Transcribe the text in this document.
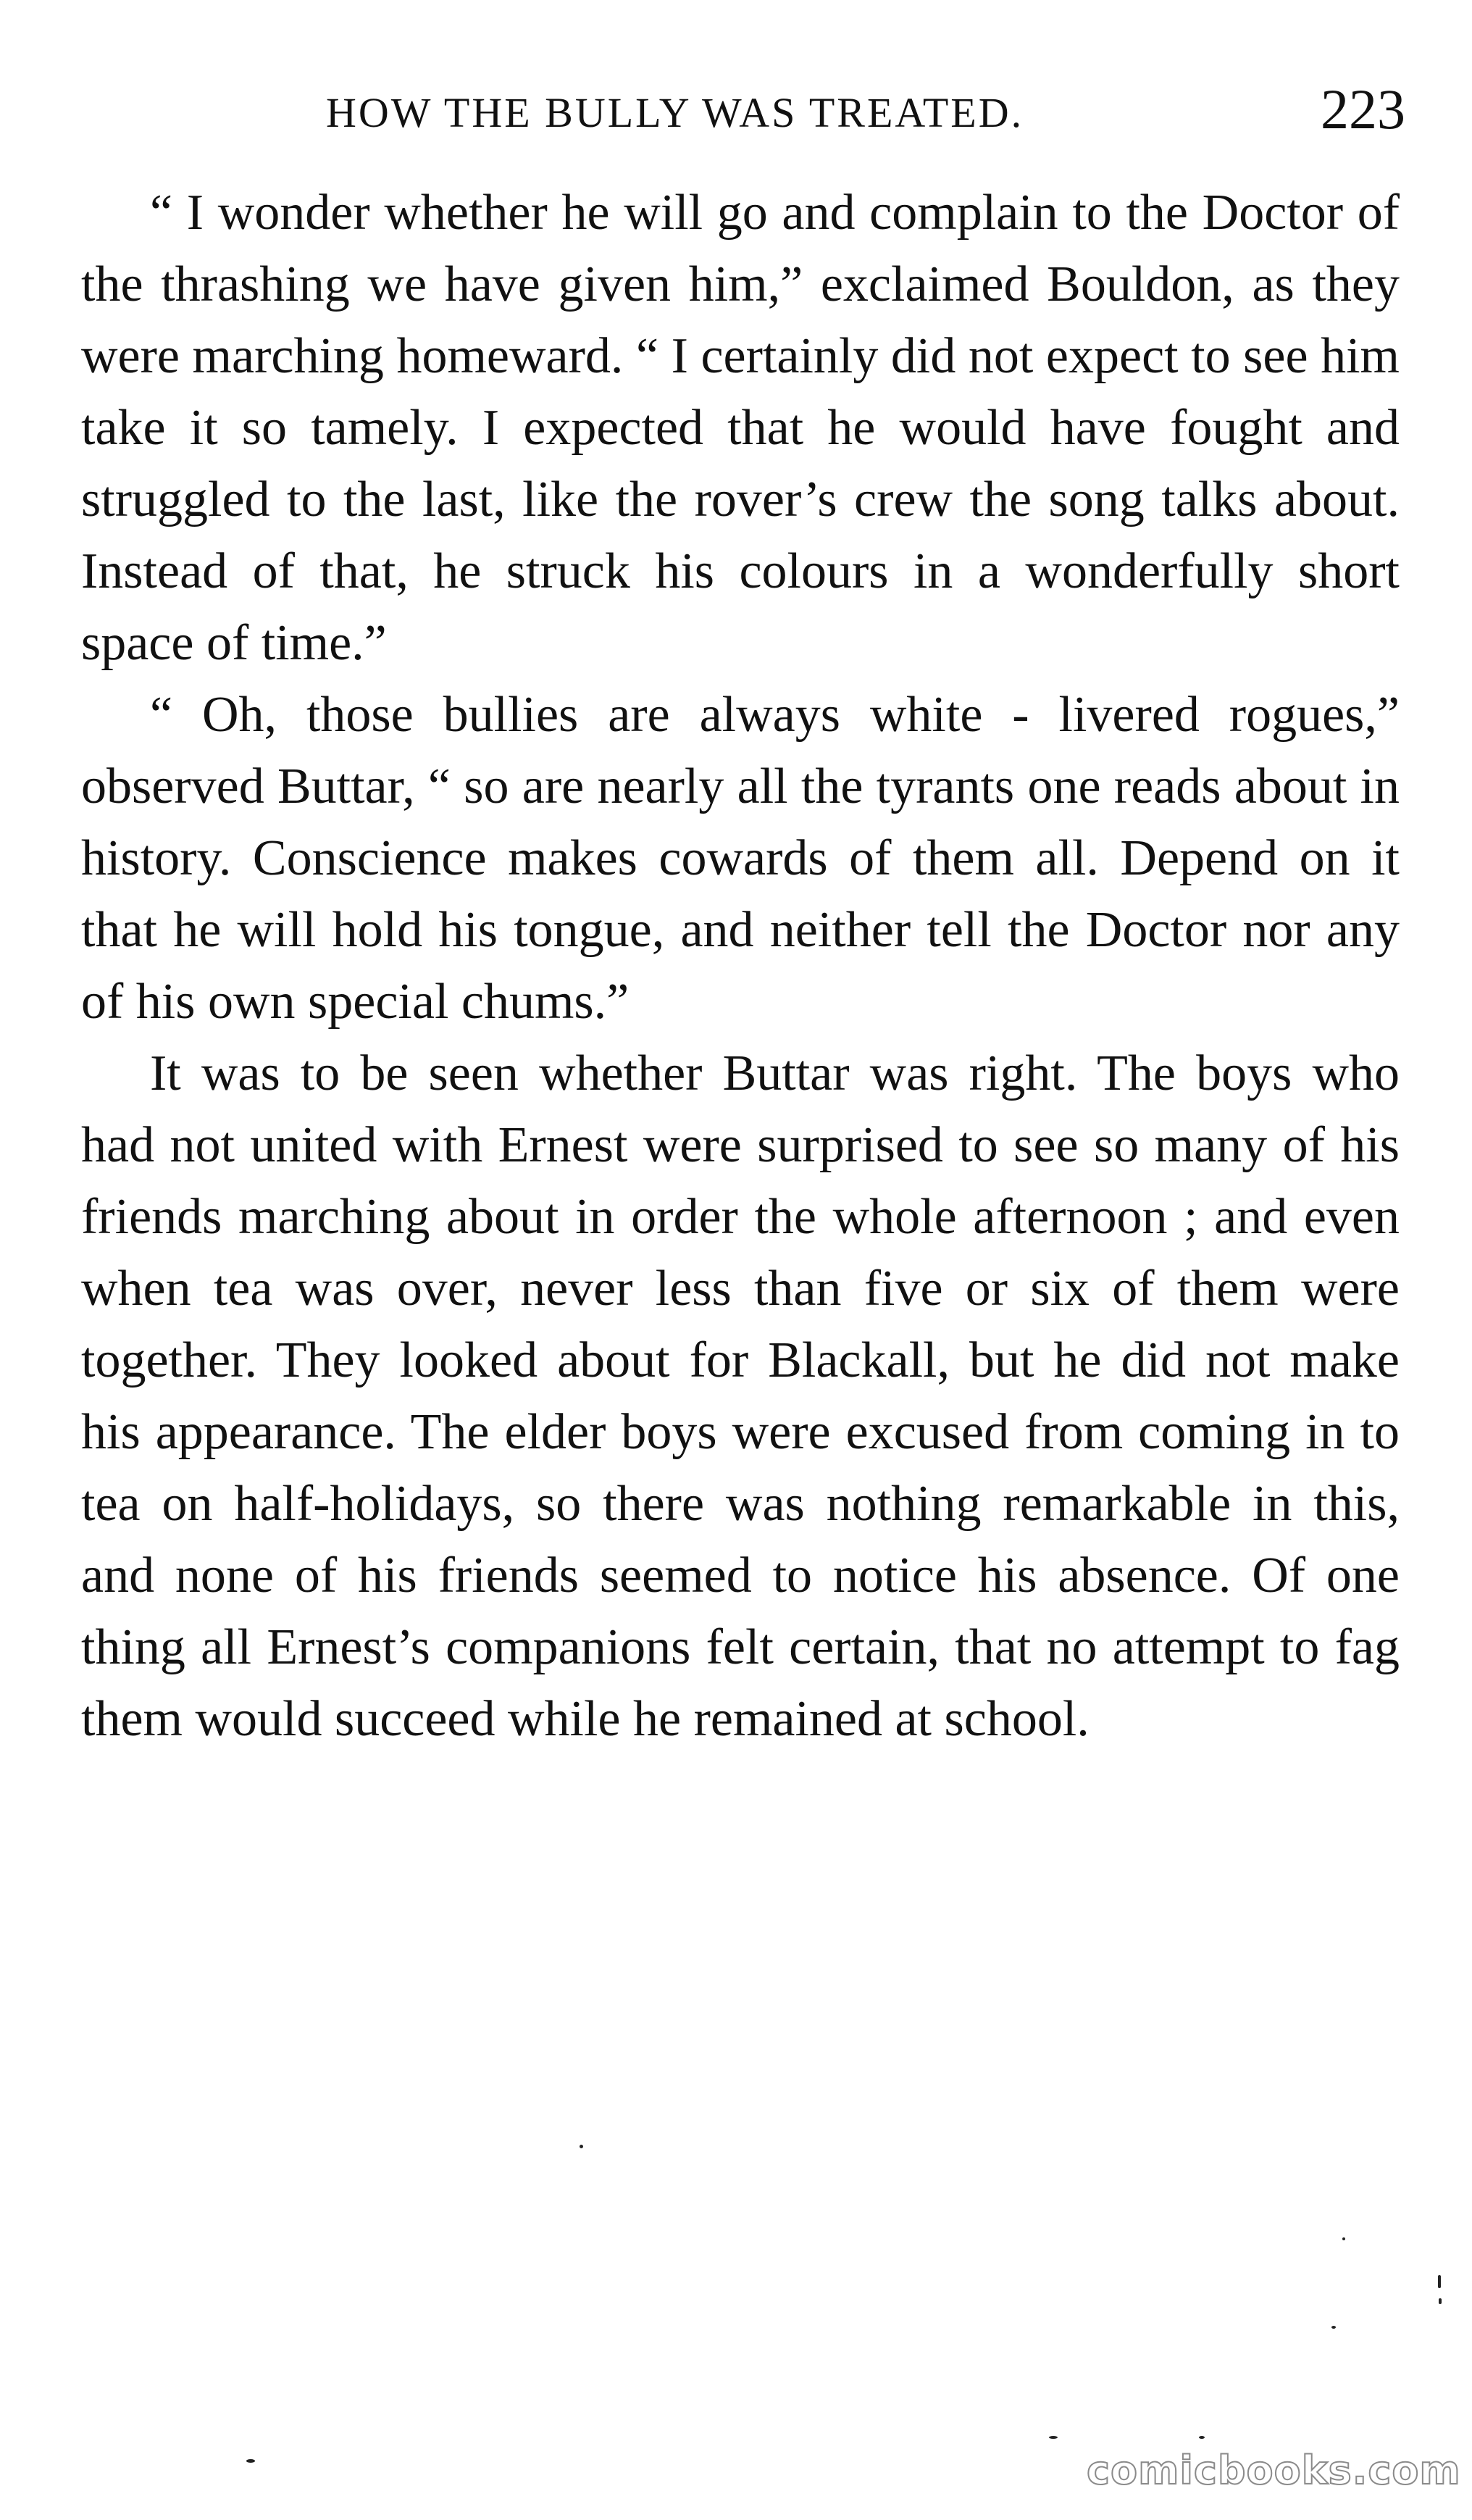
HOW THE BULLY WAS TREATED.	223

“ I wonder whether he will go and complain to the Doctor of the thrashing we have given him,” exclaimed Bouldon, as they were marching homeward. “ I certainly did not expect to see him take it so tamely. I expected that he would have fought and struggled to the last, like the rover’s crew the song talks about. Instead of that, he struck his colours in a wonderfully short space of time.”

“ Oh, those bullies are always white - livered rogues,” observed Buttar, “ so are nearly all the tyrants one reads about in history. Conscience makes cowards of them all. Depend on it that he will hold his tongue, and neither tell the Doctor nor any of his own special chums.”

It was to be seen whether Buttar was right. The boys who had not united with Ernest were surprised to see so many of his friends marching about in order the whole afternoon ; and even when tea was over, never less than five or six of them were together. They looked about for Blackall, but he did not make his appearance. The elder boys were excused from coming in to tea on half-holidays, so there was nothing remarkable in this, and none of his friends seemed to notice his absence. Of one thing all Ernest’s companions felt certain, that no attempt to fag them would succeed while he remained at school.

comicbooks.com
